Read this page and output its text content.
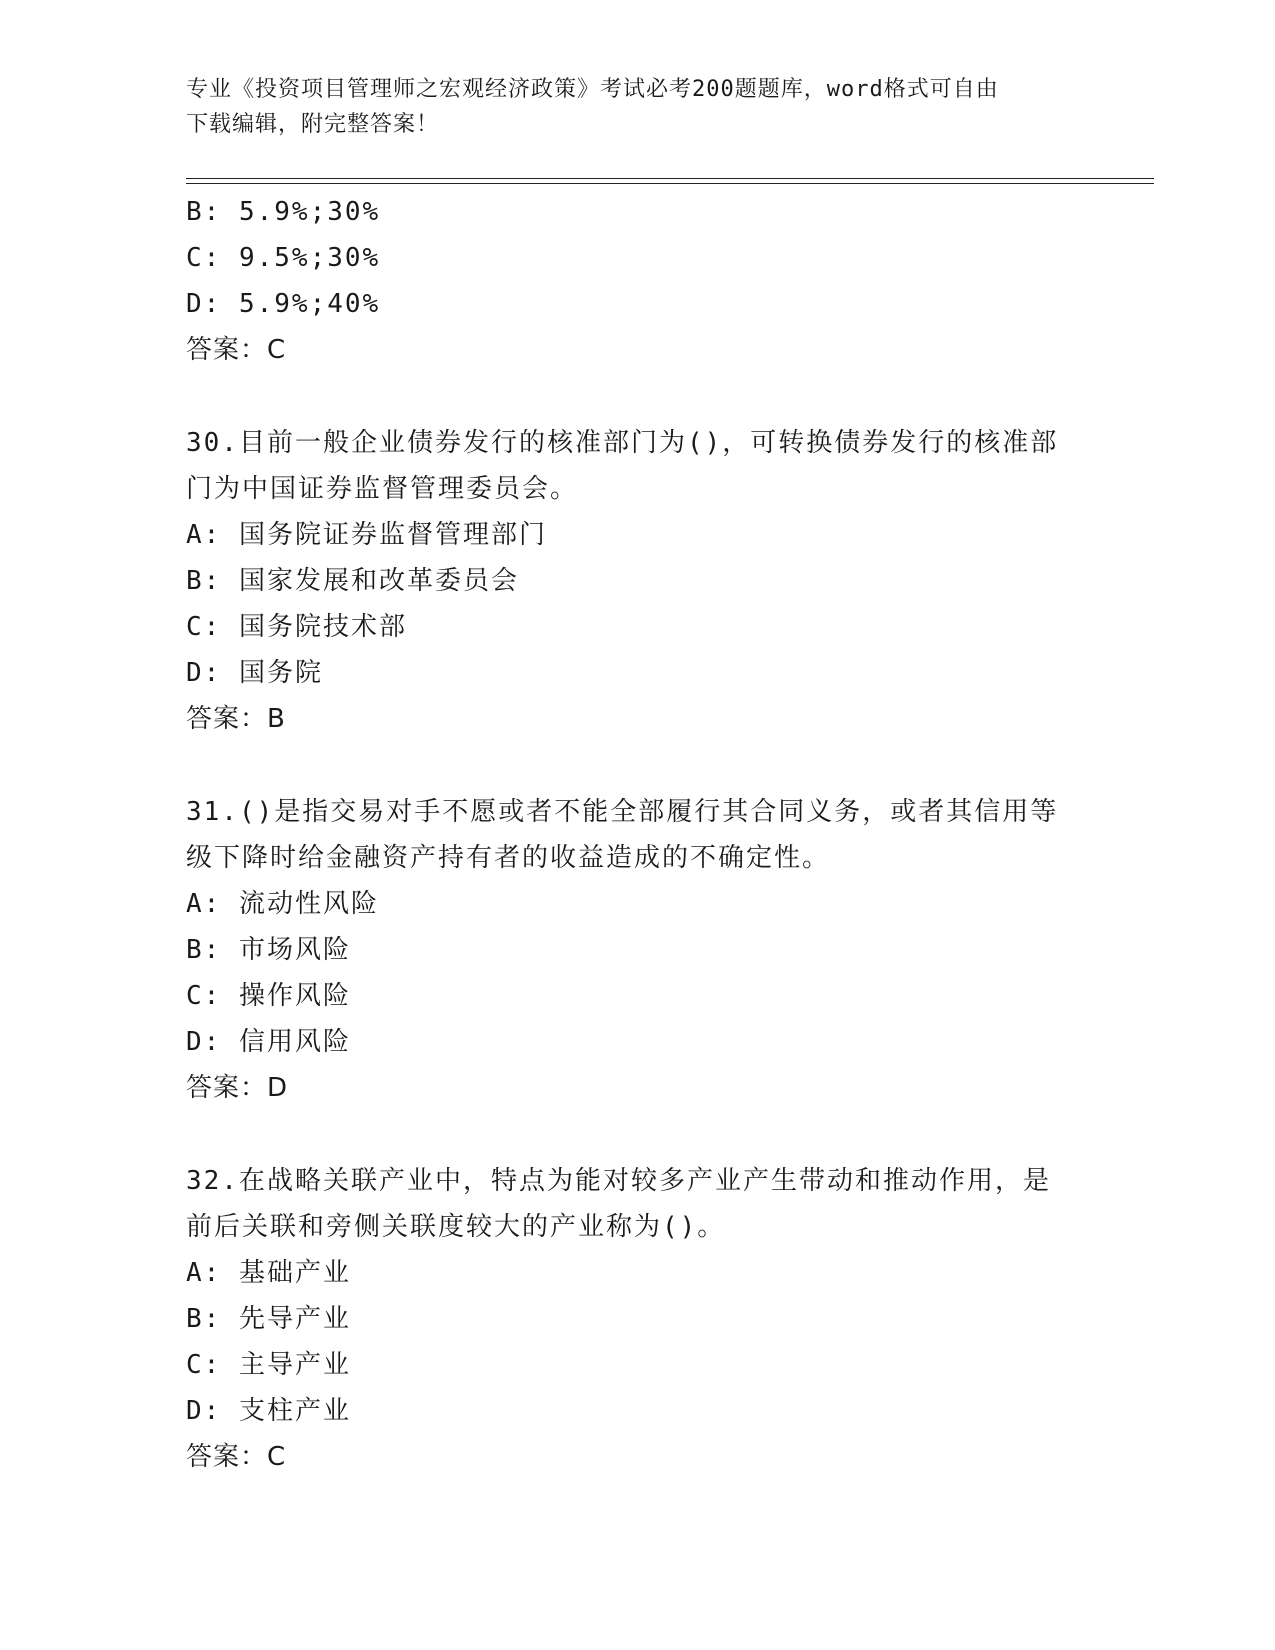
专业《投资项目管理师之宏观经济政策》考试必考200题题库，word格式可自由
下载编辑，附完整答案！
B: 5.9%;30%
C: 9.5%;30%
D: 5.9%;40%
答案：C
30.目前一般企业债券发行的核准部门为()，可转换债券发行的核准部
门为中国证券监督管理委员会。
A: 国务院证券监督管理部门
B: 国家发展和改革委员会
C: 国务院技术部
D: 国务院
答案：B
31.()是指交易对手不愿或者不能全部履行其合同义务，或者其信用等
级下降时给金融资产持有者的收益造成的不确定性。
A: 流动性风险
B: 市场风险
C: 操作风险
D: 信用风险
答案：D
32.在战略关联产业中，特点为能对较多产业产生带动和推动作用，是
前后关联和旁侧关联度较大的产业称为()。
A: 基础产业
B: 先导产业
C: 主导产业
D: 支柱产业
答案：C
